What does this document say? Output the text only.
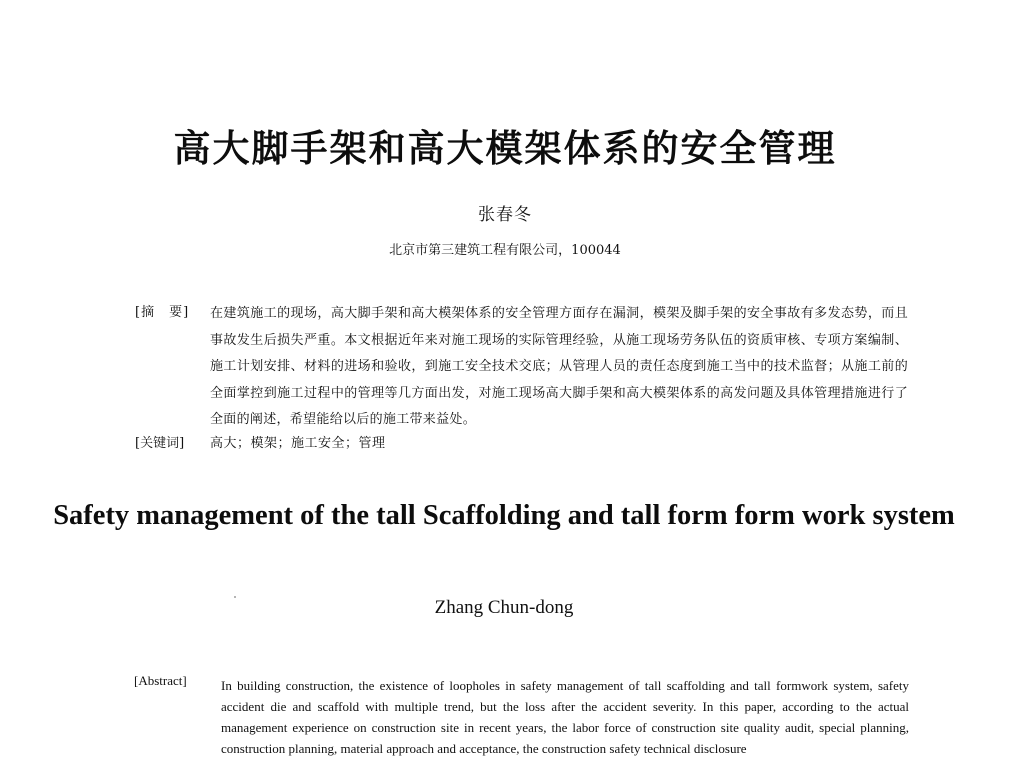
高大脚手架和高大模架体系的安全管理
张春冬
北京市第三建筑工程有限公司，100044
[摘　要] 在建筑施工的现场，高大脚手架和高大模架体系的安全管理方面存在漏洞，模架及脚手架的安全事故有多发态势，而且事故发生后损失严重。本文根据近年来对施工现场的实际管理经验，从施工现场劳务队伍的资质审核、专项方案编制、施工计划安排、材料的进场和验收，到施工安全技术交底；从管理人员的责任态度到施工当中的技术监督；从施工前的全面掌控到施工过程中的管理等几方面出发，对施工现场高大脚手架和高大模架体系的高发问题及具体管理措施进行了全面的阐述，希望能给以后的施工带来益处。
[关键词] 高大；模架；施工安全；管理
Safety management of the tall Scaffolding and tall form form work system
Zhang Chun-dong
[Abstract]	In building construction, the existence of loopholes in safety management of tall scaffolding and tall formwork system, safety accident die and scaffold with multiple trend, but the loss after the accident severity. In this paper, according to the actual management experience on construction site in recent years, the labor force of construction site quality audit, special planning, construction planning, material approach and acceptance, the construction safety technical disclosure
